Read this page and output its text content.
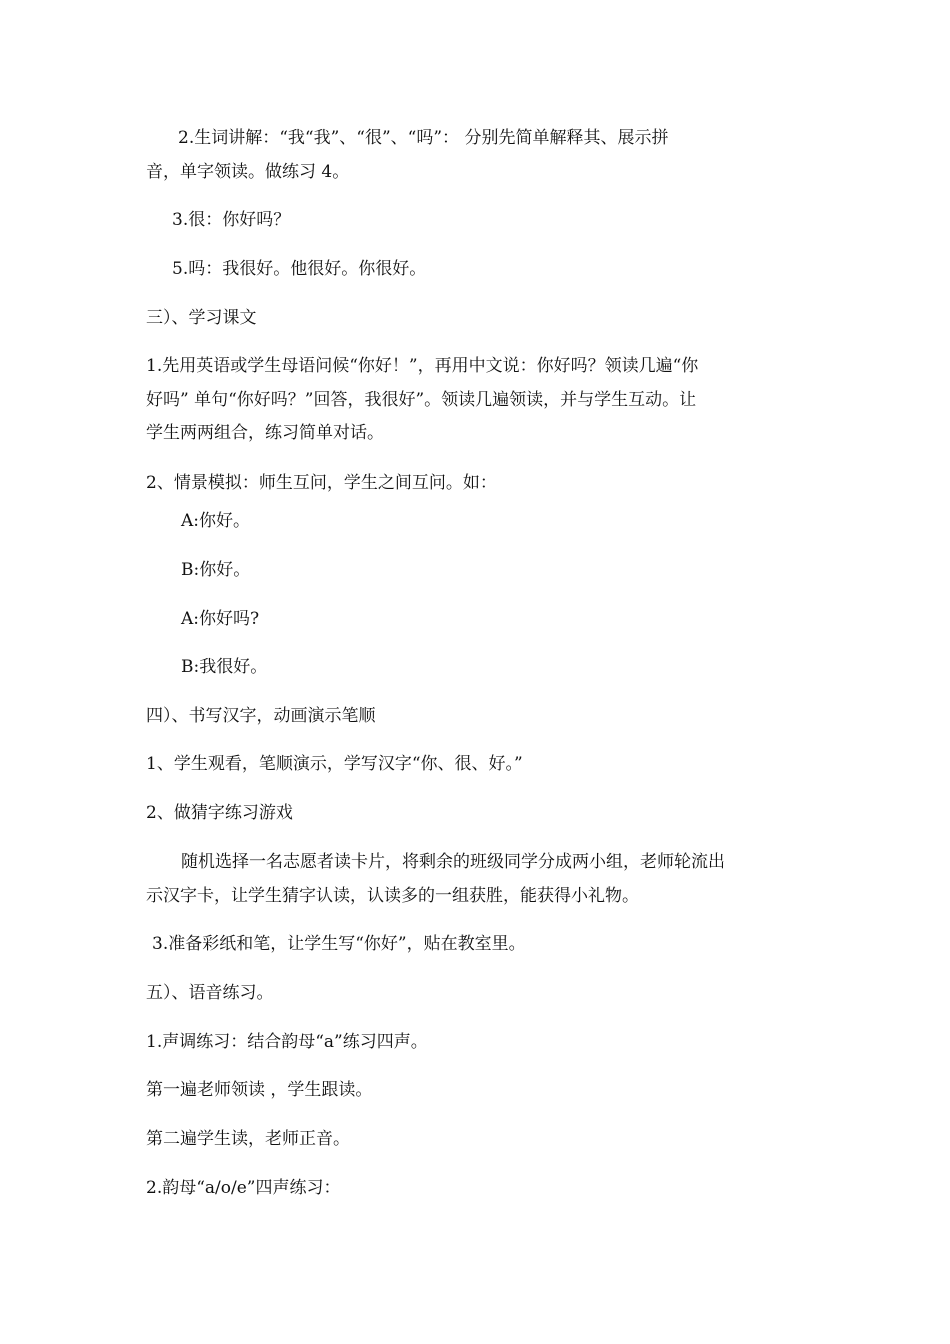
2.生词讲解：“我“我”、“很”、“吗”： 分别先简单解释其、展示拼
音，单字领读。做练习 4。
3.很：你好吗？
5.吗：我很好。他很好。你很好。
三）、学习课文
1.先用英语或学生母语问候“你好！”，再用中文说：你好吗？领读几遍“你
好吗” 单句“你好吗？”回答，我很好”。领读几遍领读，并与学生互动。让
学生两两组合，练习简单对话。
2、情景模拟：师生互问，学生之间互问。如：
A:你好。
B:你好。
A:你好吗?
B:我很好。
四）、书写汉字，动画演示笔顺
1、学生观看，笔顺演示，学写汉字“你、很、好。”
2、做猜字练习游戏
随机选择一名志愿者读卡片，将剩余的班级同学分成两小组，老师轮流出
示汉字卡，让学生猜字认读，认读多的一组获胜，能获得小礼物。
3.准备彩纸和笔，让学生写“你好”，贴在教室里。
五）、语音练习。
1.声调练习：结合韵母“a”练习四声。
第一遍老师领读 ，学生跟读。
第二遍学生读，老师正音。
2.韵母“a/o/e”四声练习：
